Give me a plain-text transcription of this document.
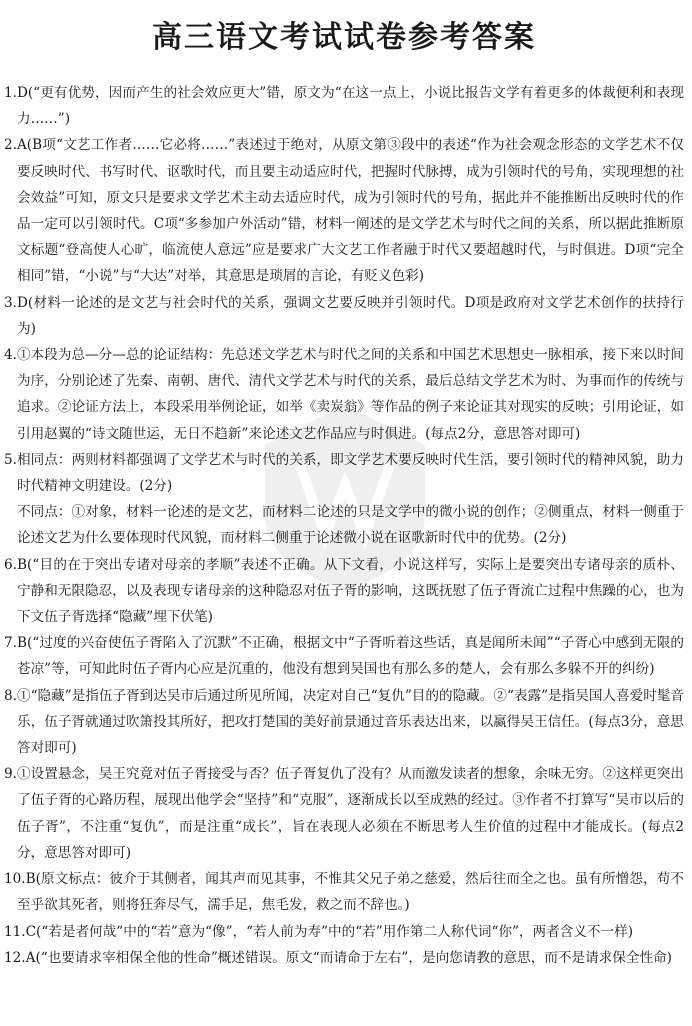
高三语文考试试卷参考答案

1.D(“更有优势，因而产生的社会效应更大”错，原文为“在这一点上，小说比报告文学有着更多的体裁便利和表现力……”)

2.A(B项“文艺工作者……它必将……”表述过于绝对，从原文第③段中的表述“作为社会观念形态的文学艺术不仅要反映时代、书写时代、讴歌时代，而且要主动适应时代，把握时代脉搏，成为引领时代的号角，实现理想的社会效益”可知，原文只是要求文学艺术主动去适应时代，成为引领时代的号角，据此并不能推断出反映时代的作品一定可以引领时代。C项“多参加户外活动”错，材料一阐述的是文学艺术与时代之间的关系，所以据此推断原文标题“登高使人心旷，临流使人意远”应是要求广大文艺工作者融于时代又要超越时代，与时俱进。D项“完全相同”错，“小说”与“大达”对举，其意思是琐屑的言论，有贬义色彩)

3.D(材料一论述的是文艺与社会时代的关系，强调文艺要反映并引领时代。D项是政府对文学艺术创作的扶持行为)

4.①本段为总—分—总的论证结构：先总述文学艺术与时代之间的关系和中国艺术思想史一脉相承，接下来以时间为序，分别论述了先秦、南朝、唐代、清代文学艺术与时代的关系，最后总结文学艺术为时、为事而作的传统与追求。②论证方法上，本段采用举例论证，如举《卖炭翁》等作品的例子来论证其对现实的反映；引用论证，如引用赵翼的“诗文随世运，无日不趋新”来论述文艺作品应与时俱进。(每点2分，意思答对即可)

5.相同点：两则材料都强调了文学艺术与时代的关系，即文学艺术要反映时代生活，要引领时代的精神风貌，助力时代精神文明建设。(2分)

不同点：①对象，材料一论述的是文艺，而材料二论述的只是文学中的微小说的创作；②侧重点，材料一侧重于论述文艺为什么要体现时代风貌，而材料二侧重于论述微小说在讴歌新时代中的优势。(2分)

6.B(“目的在于突出专诸对母亲的孝顺”表述不正确。从下文看，小说这样写，实际上是要突出专诸母亲的质朴、宁静和无限隐忍，以及表现专诸母亲的这种隐忍对伍子胥的影响，这既抚慰了伍子胥流亡过程中焦躁的心，也为下文伍子胥选择“隐藏”埋下伏笔)

7.B(“过度的兴奋使伍子胥陷入了沉默”不正确，根据文中“子胥听着这些话，真是闻所未闻”“子胥心中感到无限的苍凉”等，可知此时伍子胥内心应是沉重的，他没有想到吴国也有那么多的楚人，会有那么多躲不开的纠纷)

8.①“隐藏”是指伍子胥到达吴市后通过所见所闻，决定对自己“复仇”目的的隐藏。②“表露”是指吴国人喜爱时髦音乐，伍子胥就通过吹箫投其所好，把攻打楚国的美好前景通过音乐表达出来，以赢得吴王信任。(每点3分，意思答对即可)

9.①设置悬念，吴王究竟对伍子胥接受与否？伍子胥复仇了没有？从而激发读者的想象，余味无穷。②这样更突出了伍子胥的心路历程，展现出他学会“坚持”和“克服”，逐渐成长以至成熟的经过。③作者不打算写“吴市以后的伍子胥”，不注重“复仇”，而是注重“成长”，旨在表现人必须在不断思考人生价值的过程中才能成长。(每点2分，意思答对即可)

10.B(原文标点：彼介于其侧者，闻其声而见其事，不惟其父兄子弟之慈爱，然后往而全之也。虽有所憎怨，苟不至乎欲其死者，则将狂奔尽气，濡手足，焦毛发，救之而不辞也。)

11.C(“若是者何哉”中的“若”意为“像”，“若人前为寿”中的“若”用作第二人称代词“你”，两者含义不一样)

12.A(“也要请求宰相保全他的性命”概述错误。原文“而请命于左右”，是向您请教的意思，而不是请求保全性命)
